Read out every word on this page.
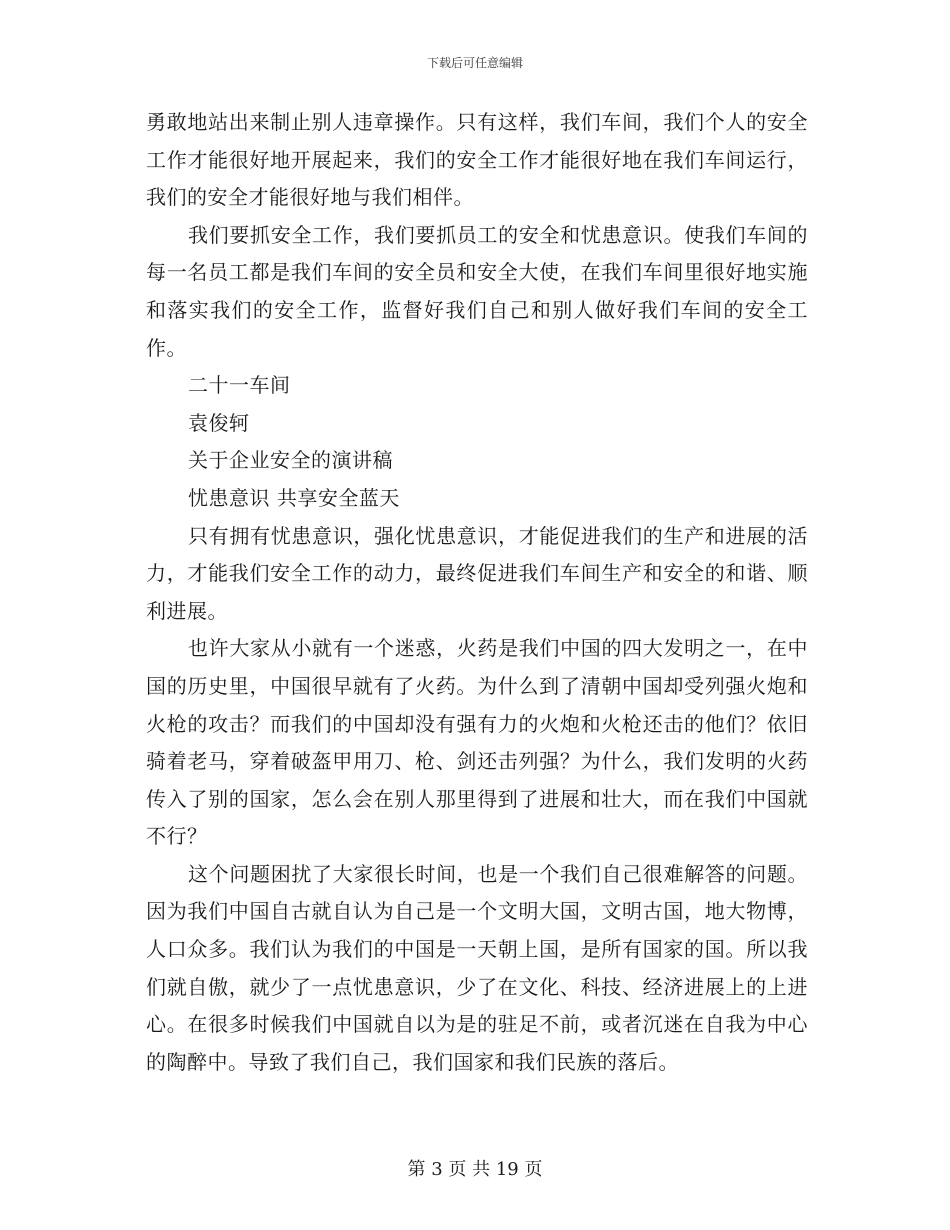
下载后可任意编辑

勇敢地站出来制止别人违章操作。只有这样，我们车间，我们个人的安全工作才能很好地开展起来，我们的安全工作才能很好地在我们车间运行，我们的安全才能很好地与我们相伴。

我们要抓安全工作，我们要抓员工的安全和忧患意识。使我们车间的每一名员工都是我们车间的安全员和安全大使，在我们车间里很好地实施和落实我们的安全工作，监督好我们自己和别人做好我们车间的安全工作。

二十一车间

袁俊轲

关于企业安全的演讲稿

忧患意识 共享安全蓝天

只有拥有忧患意识，强化忧患意识，才能促进我们的生产和进展的活力，才能我们安全工作的动力，最终促进我们车间生产和安全的和谐、顺利进展。

也许大家从小就有一个迷惑，火药是我们中国的四大发明之一，在中国的历史里，中国很早就有了火药。为什么到了清朝中国却受列强火炮和火枪的攻击？而我们的中国却没有强有力的火炮和火枪还击的他们？依旧骑着老马，穿着破盔甲用刀、枪、剑还击列强？为什么，我们发明的火药传入了别的国家，怎么会在别人那里得到了进展和壮大，而在我们中国就不行？

这个问题困扰了大家很长时间，也是一个我们自己很难解答的问题。因为我们中国自古就自认为自己是一个文明大国，文明古国，地大物博，人口众多。我们认为我们的中国是一天朝上国，是所有国家的国。所以我们就自傲，就少了一点忧患意识，少了在文化、科技、经济进展上的上进心。在很多时候我们中国就自以为是的驻足不前，或者沉迷在自我为中心的陶醉中。导致了我们自己，我们国家和我们民族的落后。

第 3 页 共 19 页
